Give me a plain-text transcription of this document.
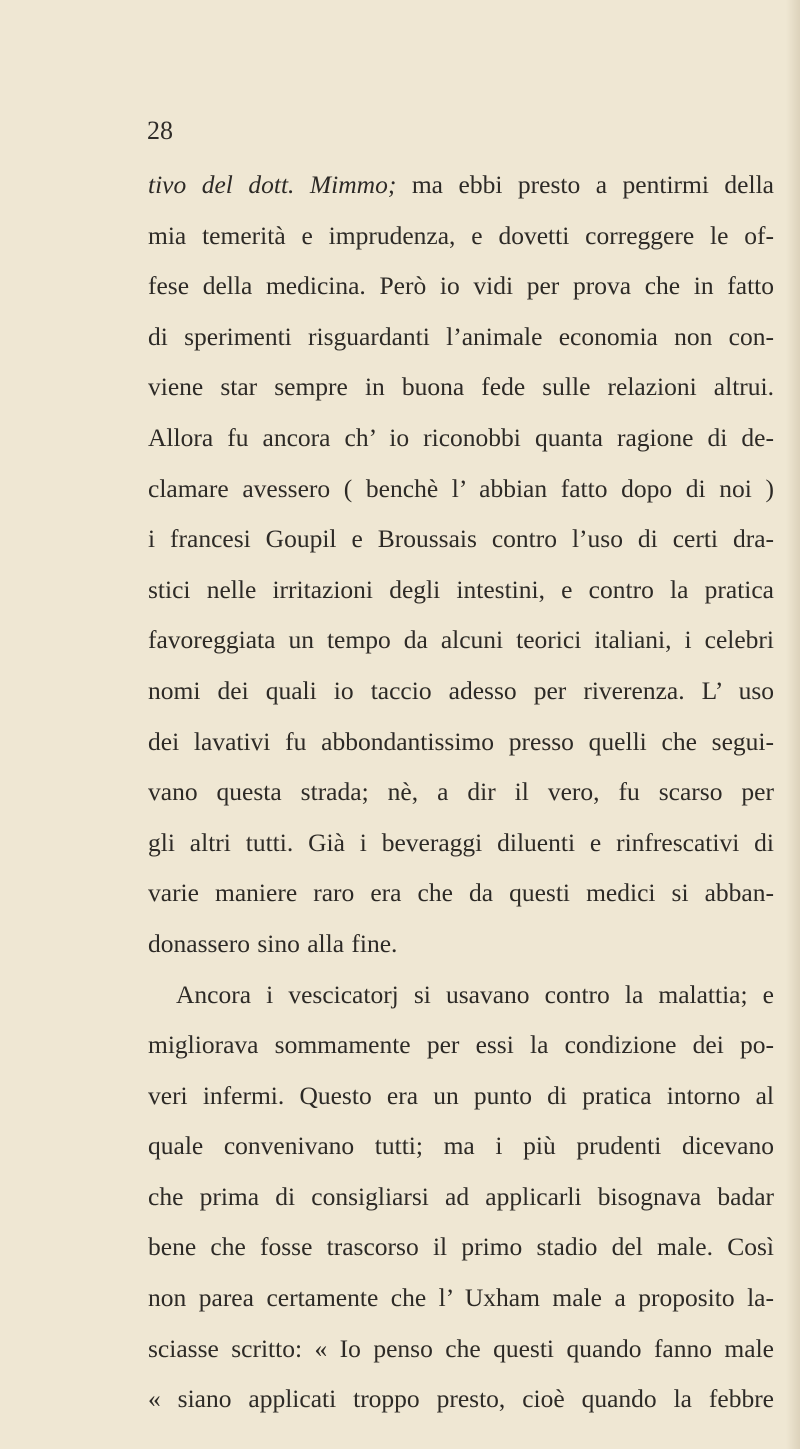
28
tivo del dott. Mimmo; ma ebbi presto a pentirmi della
mia temerità e imprudenza, e dovetti correggere le of-
fese della medicina. Però io vidi per prova che in fatto
di sperimenti risguardanti l’animale economia non con-
viene star sempre in buona fede sulle relazioni altrui.
Allora fu ancora ch’ io riconobbi quanta ragione di de-
clamare avessero ( benchè l’ abbian fatto dopo di noi )
i francesi Goupil e Broussais contro l’uso di certi dra-
stici nelle irritazioni degli intestini, e contro la pratica
favoreggiata un tempo da alcuni teorici italiani, i celebri
nomi dei quali io taccio adesso per riverenza. L’ uso
dei lavativi fu abbondantissimo presso quelli che segui-
vano questa strada; nè, a dir il vero, fu scarso per
gli altri tutti. Già i beveraggi diluenti e rinfrescativi di
varie maniere raro era che da questi medici si abban-
donassero sino alla fine.
Ancora i vescicatorj si usavano contro la malattia; e
migliorava sommamente per essi la condizione dei po-
veri infermi. Questo era un punto di pratica intorno al
quale convenivano tutti; ma i più prudenti dicevano
che prima di consigliarsi ad applicarli bisognava badar
bene che fosse trascorso il primo stadio del male. Così
non parea certamente che l’ Uxham male a proposito la-
sciasse scritto: « Io penso che questi quando fanno male
« siano applicati troppo presto, cioè quando la febbre
